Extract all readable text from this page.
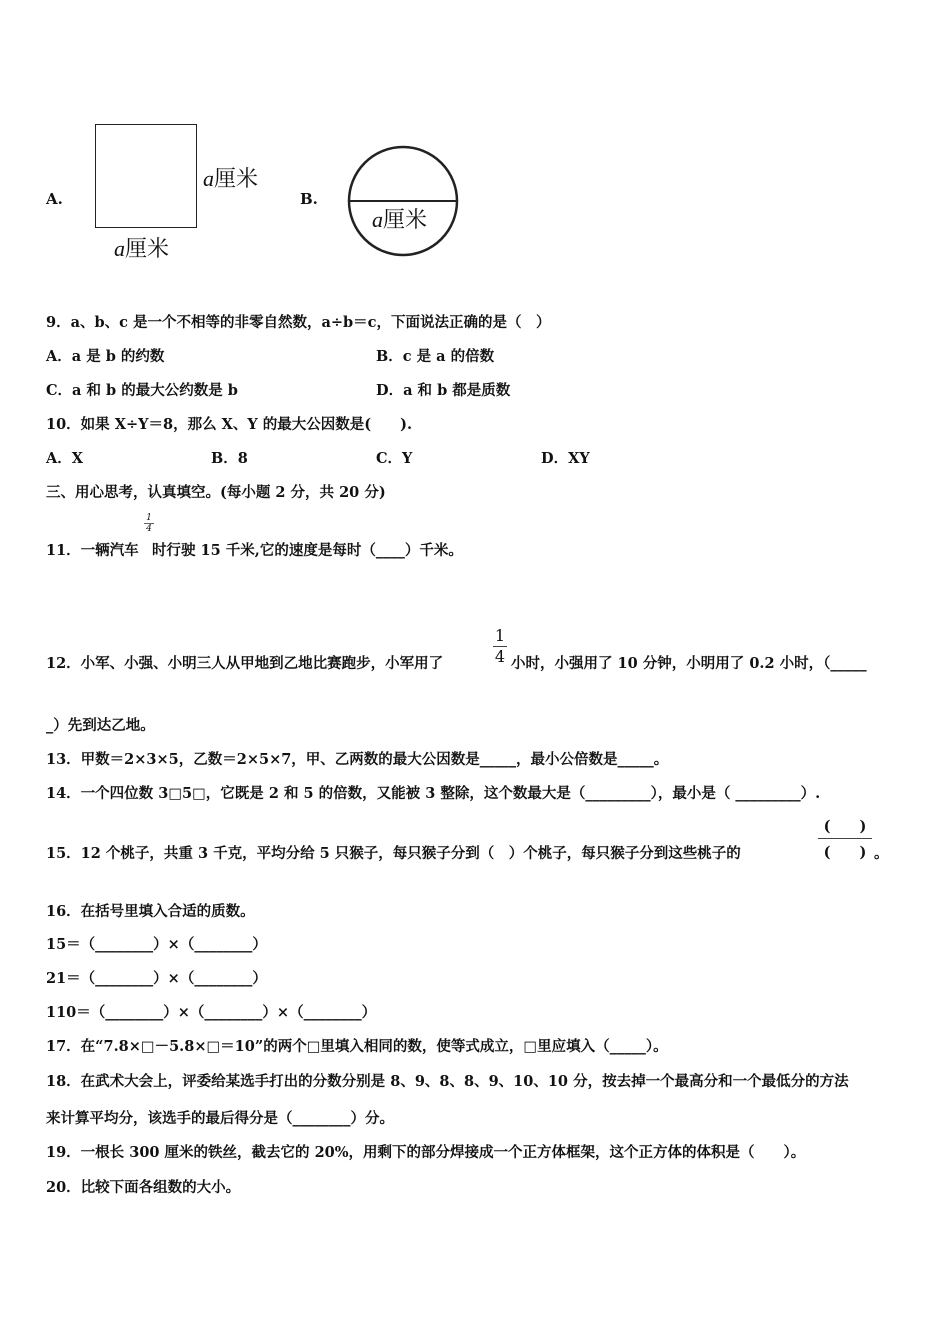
A.
a厘米
a厘米
B.
a厘米
9．a、b、c 是一个不相等的非零自然数，a÷b＝c，下面说法正确的是（　）
A．a 是 b 的约数	B．c 是 a 的倍数
C．a 和 b 的最大公约数是 b	D．a 和 b 都是质数
10．如果 X÷Y＝8，那么 X、Y 的最大公因数是(　　).
A．X	B．8	C．Y	D．XY
三、用心思考，认真填空。(每小题 2 分，共 20 分)
11．一辆汽车
$\frac{1}{4}$
时行驶 15 千米,它的速度是每时（____）千米。
12．小军、小强、小明三人从甲地到乙地比赛跑步，小军用了
1
4 小时，小强用了 10 分钟，小明用了 0.2 小时，（_____
_）先到达乙地。
13．甲数＝2×3×5，乙数＝2×5×7，甲、乙两数的最大公因数是_____，最小公倍数是_____。
14．一个四位数 3□5□，它既是 2 和 5 的倍数，又能被 3 整除，这个数最大是（_________），最小是（ _________）.
15．12 个桃子，共重 3 千克，平均分给 5 只猴子，每只猴子分到（　）个桃子，每只猴子分到这些桃子的
(　　)
(　　) 。
16．在括号里填入合适的质数。
15＝（________）×（________）
21＝（________）×（________）
110＝（________）×（________）×（________）
17．在“7.8×□－5.8×□＝10”的两个□里填入相同的数，使等式成立，□里应填入（_____）。
18．在武术大会上，评委给某选手打出的分数分别是 8、9、8、8、9、10、10 分，按去掉一个最高分和一个最低分的方法
来计算平均分，该选手的最后得分是（________）分。
19．一根长 300 厘米的铁丝，截去它的 20%，用剩下的部分焊接成一个正方体框架，这个正方体的体积是（　　）。
20．比较下面各组数的大小。
